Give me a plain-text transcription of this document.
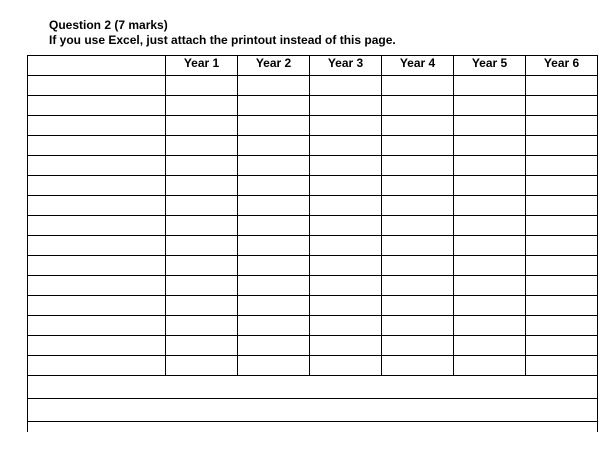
Question 2 (7 marks)
If you use Excel, just attach the printout instead of this page.
	Year 1	Year 2	Year 3	Year 4	Year 5	Year 6
